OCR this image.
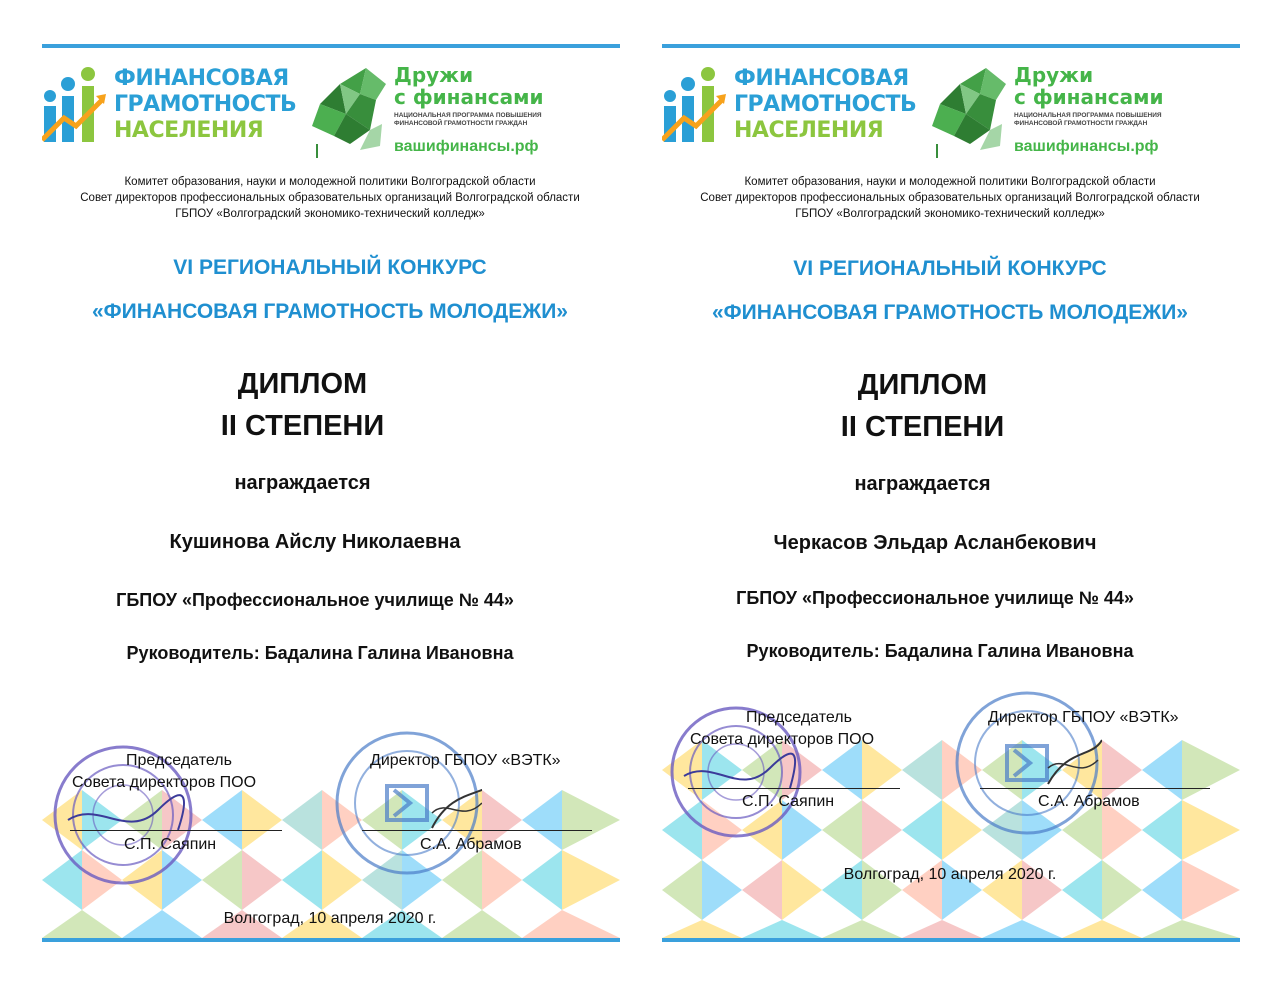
ФИНАНСОВАЯ
ГРАМОТНОСТЬ
НАСЕЛЕНИЯ
Дружи
с финансами
НАЦИОНАЛЬНАЯ ПРОГРАММА ПОВЫШЕНИЯ
ФИНАНСОВОЙ ГРАМОТНОСТИ ГРАЖДАН
вашифинансы.рф
Комитет образования, науки и молодежной политики Волгоградской области
Совет директоров профессиональных образовательных организаций Волгоградской области
ГБПОУ «Волгоградский экономико-технический колледж»
VI РЕГИОНАЛЬНЫЙ КОНКУРС
«ФИНАНСОВАЯ ГРАМОТНОСТЬ МОЛОДЕЖИ»
ДИПЛОМ
II СТЕПЕНИ
награждается
Кушинова Айслу Николаевна
ГБПОУ «Профессиональное училище № 44»
Руководитель: Бадалина Галина Ивановна
Председатель
Совета директоров ПОО
С.П. Саяпин
Директор ГБПОУ «ВЭТК»
С.А. Абрамов
Волгоград, 10 апреля 2020 г.
ФИНАНСОВАЯ
ГРАМОТНОСТЬ
НАСЕЛЕНИЯ
Дружи
с финансами
НАЦИОНАЛЬНАЯ ПРОГРАММА ПОВЫШЕНИЯ
ФИНАНСОВОЙ ГРАМОТНОСТИ ГРАЖДАН
вашифинансы.рф
Комитет образования, науки и молодежной политики Волгоградской области
Совет директоров профессиональных образовательных организаций Волгоградской области
ГБПОУ «Волгоградский экономико-технический колледж»
VI РЕГИОНАЛЬНЫЙ КОНКУРС
«ФИНАНСОВАЯ ГРАМОТНОСТЬ МОЛОДЕЖИ»
ДИПЛОМ
II СТЕПЕНИ
награждается
Черкасов Эльдар Асланбекович
ГБПОУ «Профессиональное училище № 44»
Руководитель: Бадалина Галина Ивановна
Председатель
Совета директоров ПОО
С.П. Саяпин
Директор ГБПОУ «ВЭТК»
С.А. Абрамов
Волгоград, 10 апреля 2020 г.
